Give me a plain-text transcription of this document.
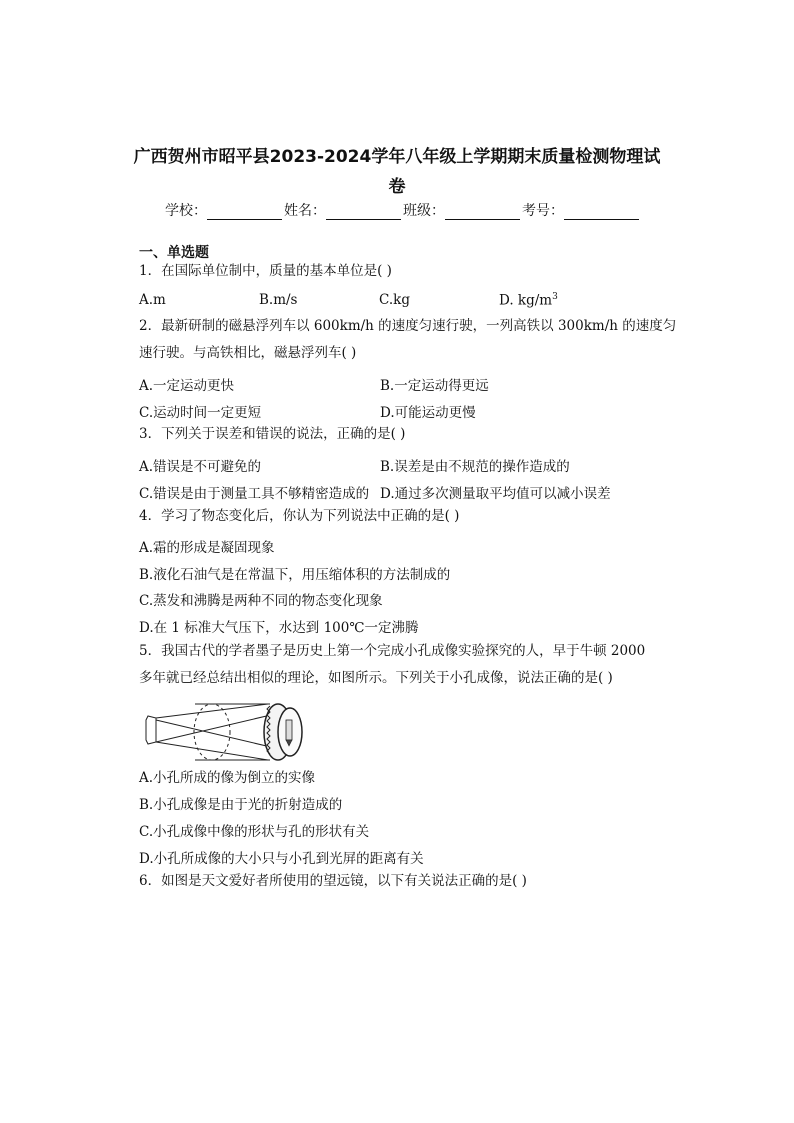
广西贺州市昭平县2023-2024学年八年级上学期期末质量检测物理试
卷
学校：	姓名：	班级：	考号：
一、单选题
1．在国际单位制中，质量的基本单位是( )
A.m	B.m/s	C.kg	D. $kg/m^3$
2．最新研制的磁悬浮列车以 600km/h 的速度匀速行驶，一列高铁以 300km/h 的速度匀
速行驶。与高铁相比，磁悬浮列车( )
A.一定运动更快	B.一定运动得更远
C.运动时间一定更短	D.可能运动更慢
3．下列关于误差和错误的说法，正确的是( )
A.错误是不可避免的	B.误差是由不规范的操作造成的
C.错误是由于测量工具不够精密造成的 D.通过多次测量取平均值可以减小误差
4．学习了物态变化后，你认为下列说法中正确的是( )
A.霜的形成是凝固现象
B.液化石油气是在常温下，用压缩体积的方法制成的
C.蒸发和沸腾是两种不同的物态变化现象
D.在 1 标准大气压下，水达到 100℃一定沸腾
5．我国古代的学者墨子是历史上第一个完成小孔成像实验探究的人，早于牛顿 2000
多年就已经总结出相似的理论，如图所示。下列关于小孔成像，说法正确的是( )
A.小孔所成的像为倒立的实像
B.小孔成像是由于光的折射造成的
C.小孔成像中像的形状与孔的形状有关
D.小孔所成像的大小只与小孔到光屏的距离有关
6．如图是天文爱好者所使用的望远镜，以下有关说法正确的是( )
